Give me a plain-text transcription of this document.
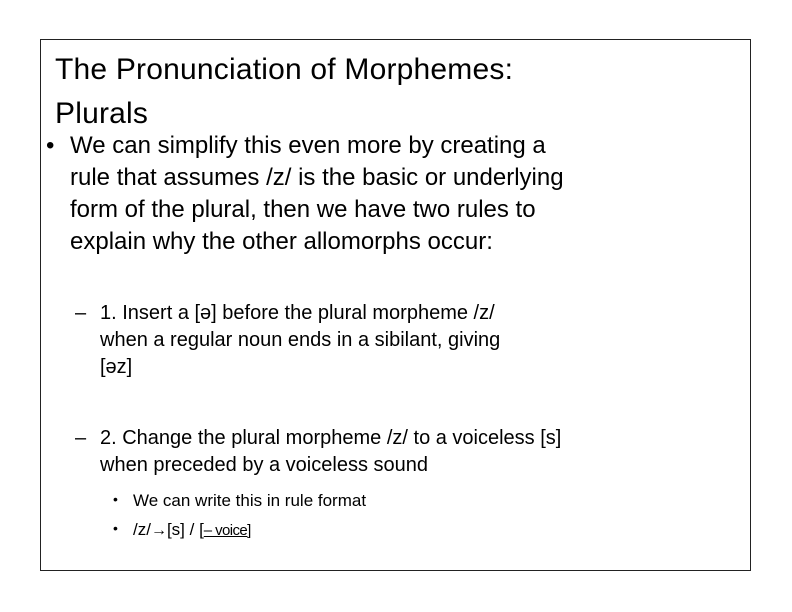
The Pronunciation of Morphemes:
Plurals
• We can simplify this even more by creating a
rule that assumes /z/ is the basic or underlying
form of the plural, then we have two rules to
explain why the other allomorphs occur:
– 1. Insert a [ə] before the plural morpheme /z/
when a regular noun ends in a sibilant, giving
[əz]
– 2. Change the plural morpheme /z/ to a voiceless [s]
when preceded by a voiceless sound
• We can write this in rule format
• /z/→[s] / [– voice]
